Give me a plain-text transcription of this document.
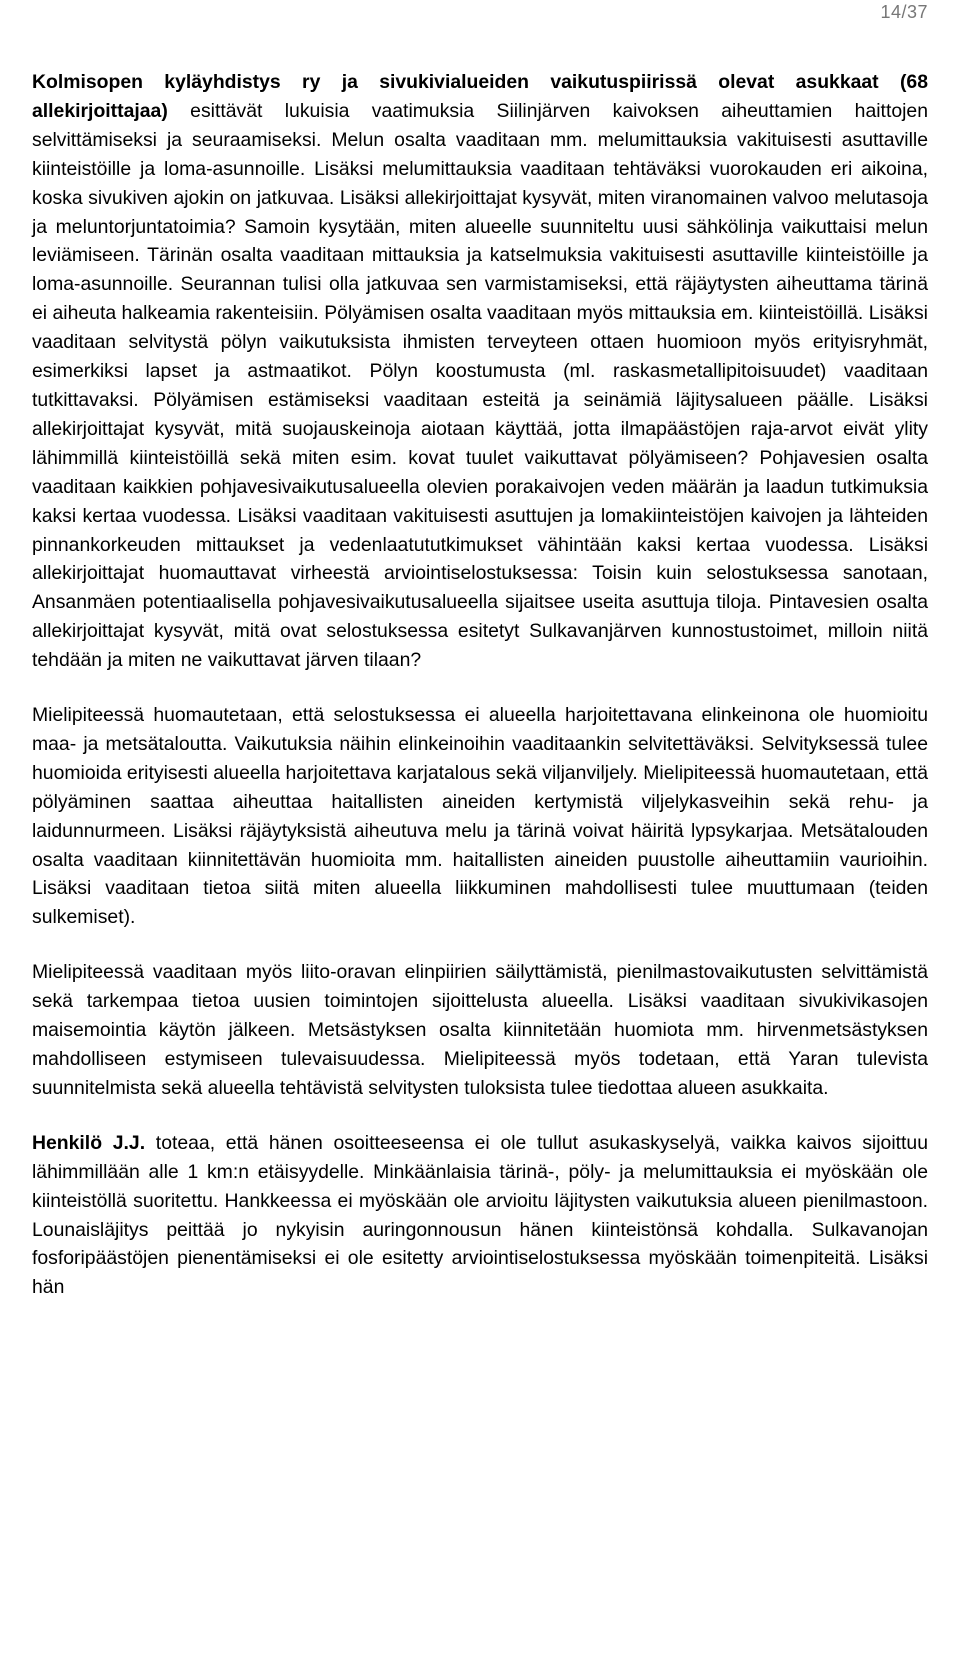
14/37

Kolmisopen kyläyhdistys ry ja sivukivialueiden vaikutuspiirissä olevat asukkaat (68 allekirjoittajaa) esittävät lukuisia vaatimuksia Siilinjärven kaivoksen aiheuttamien haittojen selvittämiseksi ja seuraamiseksi. Melun osalta vaaditaan mm. melumittauksia vakituisesti asuttaville kiinteistöille ja loma-asunnoille. Lisäksi melumittauksia vaaditaan tehtäväksi vuorokauden eri aikoina, koska sivukiven ajokin on jatkuvaa. Lisäksi allekirjoittajat kysyvät, miten viranomainen valvoo melutasoja ja meluntorjuntatoimia? Samoin kysytään, miten alueelle suunniteltu uusi sähkölinja vaikuttaisi melun leviämiseen. Tärinän osalta vaaditaan mittauksia ja katselmuksia vakituisesti asuttaville kiinteistöille ja loma-asunnoille. Seurannan tulisi olla jatkuvaa sen varmistamiseksi, että räjäytysten aiheuttama tärinä ei aiheuta halkeamia rakenteisiin. Pölyämisen osalta vaaditaan myös mittauksia em. kiinteistöillä. Lisäksi vaaditaan selvitystä pölyn vaikutuksista ihmisten terveyteen ottaen huomioon myös erityisryhmät, esimerkiksi lapset ja astmaatikot. Pölyn koostumusta (ml. raskasmetallipitoisuudet) vaaditaan tutkittavaksi. Pölyämisen estämiseksi vaaditaan esteitä ja seinämiä läjitysalueen päälle. Lisäksi allekirjoittajat kysyvät, mitä suojauskeinoja aiotaan käyttää, jotta ilmapäästöjen raja-arvot eivät ylity lähimmillä kiinteistöillä sekä miten esim. kovat tuulet vaikuttavat pölyämiseen? Pohjavesien osalta vaaditaan kaikkien pohjavesivaikutusalueella olevien porakaivojen veden määrän ja laadun tutkimuksia kaksi kertaa vuodessa. Lisäksi vaaditaan vakituisesti asuttujen ja lomakiinteistöjen kaivojen ja lähteiden pinnankorkeuden mittaukset ja vedenlaatututkimukset vähintään kaksi kertaa vuodessa. Lisäksi allekirjoittajat huomauttavat virheestä arviointiselostuksessa: Toisin kuin selostuksessa sanotaan, Ansanmäen potentiaalisella pohjavesivaikutusalueella sijaitsee useita asuttuja tiloja. Pintavesien osalta allekirjoittajat kysyvät, mitä ovat selostuksessa esitetyt Sulkavanjärven kunnostustoimet, milloin niitä tehdään ja miten ne vaikuttavat järven tilaan?

Mielipiteessä huomautetaan, että selostuksessa ei alueella harjoitettavana elinkeinona ole huomioitu maa- ja metsätaloutta. Vaikutuksia näihin elinkeinoihin vaaditaankin selvitettäväksi. Selvityksessä tulee huomioida erityisesti alueella harjoitettava karjatalous sekä viljanviljely. Mielipiteessä huomautetaan, että pölyäminen saattaa aiheuttaa haitallisten aineiden kertymistä viljelykasveihin sekä rehu- ja laidunnurmeen. Lisäksi räjäytyksistä aiheutuva melu ja tärinä voivat häiritä lypsykarjaa. Metsätalouden osalta vaaditaan kiinnitettävän huomioita mm. haitallisten aineiden puustolle aiheuttamiin vaurioihin. Lisäksi vaaditaan tietoa siitä miten alueella liikkuminen mahdollisesti tulee muuttumaan (teiden sulkemiset).

Mielipiteessä vaaditaan myös liito-oravan elinpiirien säilyttämistä, pienilmastovaikutusten selvittämistä sekä tarkempaa tietoa uusien toimintojen sijoittelusta alueella. Lisäksi vaaditaan sivukivikasojen maisemointia käytön jälkeen. Metsästyksen osalta kiinnitetään huomiota mm. hirvenmetsästyksen mahdolliseen estymiseen tulevaisuudessa. Mielipiteessä myös todetaan, että Yaran tulevista suunnitelmista sekä alueella tehtävistä selvitysten tuloksista tulee tiedottaa alueen asukkaita.

Henkilö J.J. toteaa, että hänen osoitteeseensa ei ole tullut asukaskyselyä, vaikka kaivos sijoittuu lähimmillään alle 1 km:n etäisyydelle. Minkäänlaisia tärinä-, pöly- ja melumittauksia ei myöskään ole kiinteistöllä suoritettu. Hankkeessa ei myöskään ole arvioitu läjitysten vaikutuksia alueen pienilmastoon. Lounaisläjitys peittää jo nykyisin auringonnousun hänen kiinteistönsä kohdalla. Sulkavanojan fosforipäästöjen pienentämiseksi ei ole esitetty arviointiselostuksessa myöskään toimenpiteitä. Lisäksi hän
